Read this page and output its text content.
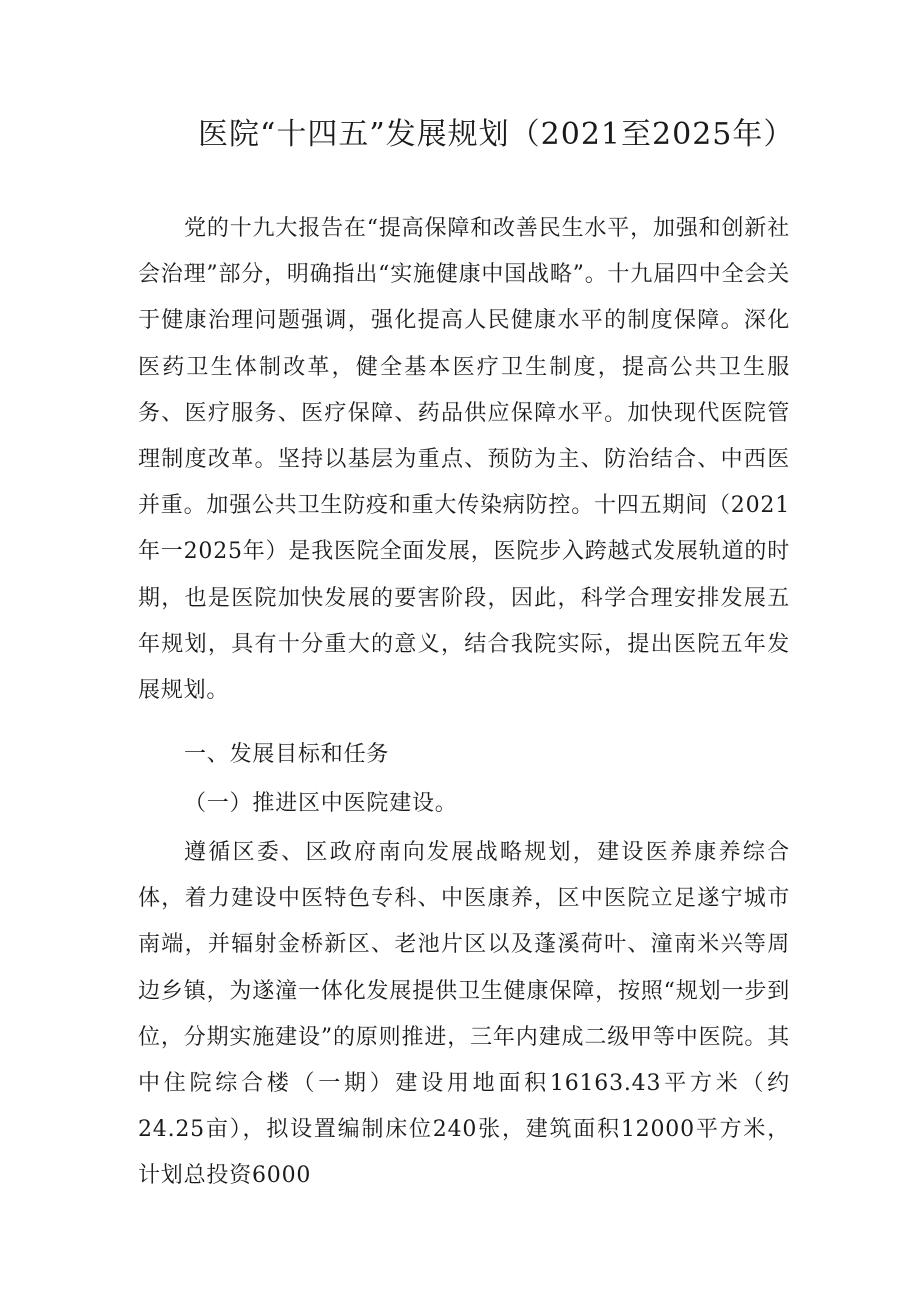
医院“十四五”发展规划（2021至2025年）

党的十九大报告在“提高保障和改善民生水平，加强和创新社会治理”部分，明确指出“实施健康中国战略”。十九届四中全会关于健康治理问题强调，强化提高人民健康水平的制度保障。深化医药卫生体制改革，健全基本医疗卫生制度，提高公共卫生服务、医疗服务、医疗保障、药品供应保障水平。加快现代医院管理制度改革。坚持以基层为重点、预防为主、防治结合、中西医并重。加强公共卫生防疫和重大传染病防控。十四五期间（2021年一2025年）是我医院全面发展，医院步入跨越式发展轨道的时期，也是医院加快发展的要害阶段，因此，科学合理安排发展五年规划，具有十分重大的意义，结合我院实际，提出医院五年发展规划。

一、发展目标和任务

（一）推进区中医院建设。

遵循区委、区政府南向发展战略规划，建设医养康养综合体，着力建设中医特色专科、中医康养，区中医院立足遂宁城市南端，并辐射金桥新区、老池片区以及蓬溪荷叶、潼南米兴等周边乡镇，为遂潼一体化发展提供卫生健康保障，按照“规划一步到位，分期实施建设”的原则推进，三年内建成二级甲等中医院。其中住院综合楼（一期）建设用地面积16163.43平方米（约24.25亩），拟设置编制床位240张，建筑面积12000平方米，计划总投资6000
